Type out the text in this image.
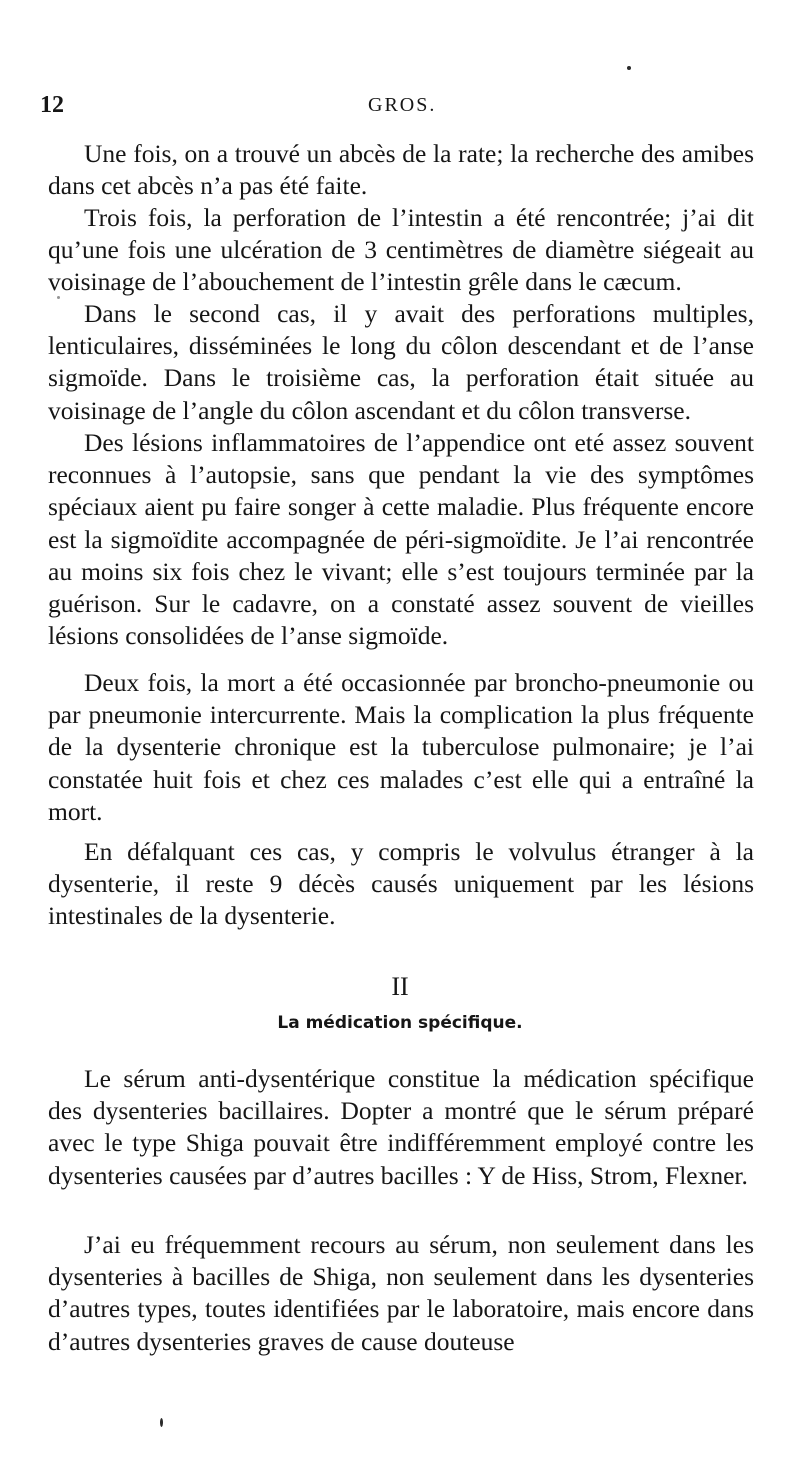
12	GROS.

Une fois, on a trouvé un abcès de la rate; la recherche des amibes dans cet abcès n’a pas été faite.

Trois fois, la perforation de l’intestin a été rencontrée; j’ai dit qu’une fois une ulcération de 3 centimètres de diamètre siégeait au voisinage de l’abouchement de l’intestin grêle dans le cæcum.

Dans le second cas, il y avait des perforations multiples, lenticulaires, disséminées le long du côlon descendant et de l’anse sigmoïde. Dans le troisième cas, la perforation était située au voisinage de l’angle du côlon ascendant et du côlon transverse.

Des lésions inflammatoires de l’appendice ont eté assez souvent reconnues à l’autopsie, sans que pendant la vie des symptômes spéciaux aient pu faire songer à cette maladie. Plus fréquente encore est la sigmoïdite accompagnée de péri-sigmoïdite. Je l’ai rencontrée au moins six fois chez le vivant; elle s’est toujours terminée par la guérison. Sur le cadavre, on a constaté assez souvent de vieilles lésions consolidées de l’anse sigmoïde.

Deux fois, la mort a été occasionnée par broncho-pneumonie ou par pneumonie intercurrente. Mais la complication la plus fréquente de la dysenterie chronique est la tuberculose pulmonaire; je l’ai constatée huit fois et chez ces malades c’est elle qui a entraîné la mort.

En défalquant ces cas, y compris le volvulus étranger à la dysenterie, il reste 9 décès causés uniquement par les lésions intestinales de la dysenterie.

II
La médication spécifique.

Le sérum anti-dysentérique constitue la médication spécifique des dysenteries bacillaires. Dopter a montré que le sérum préparé avec le type Shiga pouvait être indifféremment employé contre les dysenteries causées par d’autres bacilles : Y de Hiss, Strom, Flexner.

J’ai eu fréquemment recours au sérum, non seulement dans les dysenteries à bacilles de Shiga, non seulement dans les dysenteries d’autres types, toutes identifiées par le laboratoire, mais encore dans d’autres dysenteries graves de cause douteuse
